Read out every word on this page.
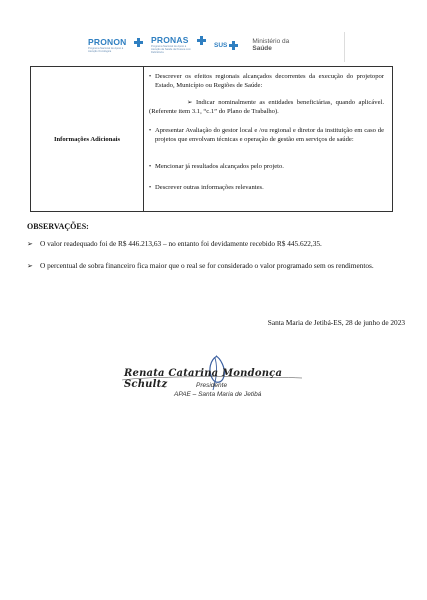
PRONON
Programa Nacional de Apoio à Atenção Oncológica
PRONAS
Programa Nacional de Apoio à Atenção da Saúde da Pessoa com Deficiência
SUS	Ministério da
Saúde
Informações Adicionais
• Descrever os efeitos regionais alcançados decorrentes da execução do projetopor Estado, Município ou Regiões de Saúde:
➢ Indicar nominalmente as entidades beneficiárias, quando aplicável.(Referente item 3.1, “c.1” do Plano de Trabalho).
• Apresentar Avaliação do gestor local e /ou regional e diretor da instituição em caso de projetos que envolvam técnicas e operação de gestão em serviços de saúde:
• Mencionar já resultados alcançados pelo projeto.
• Descrever outras informações relevantes.
OBSERVAÇÕES:
➢ O valor readequado foi de R$ 446.213,63 – no entanto foi devidamente recebido R$ 445.622,35.
➢ O percentual de sobra financeiro fica maior que o real se for considerado o valor programado sem os rendimentos.
Santa Maria de Jetibá-ES, 28 de junho de 2023
Renata Catarina Mondonça Schultz	Presidente
APAE – Santa Maria de Jetibá
